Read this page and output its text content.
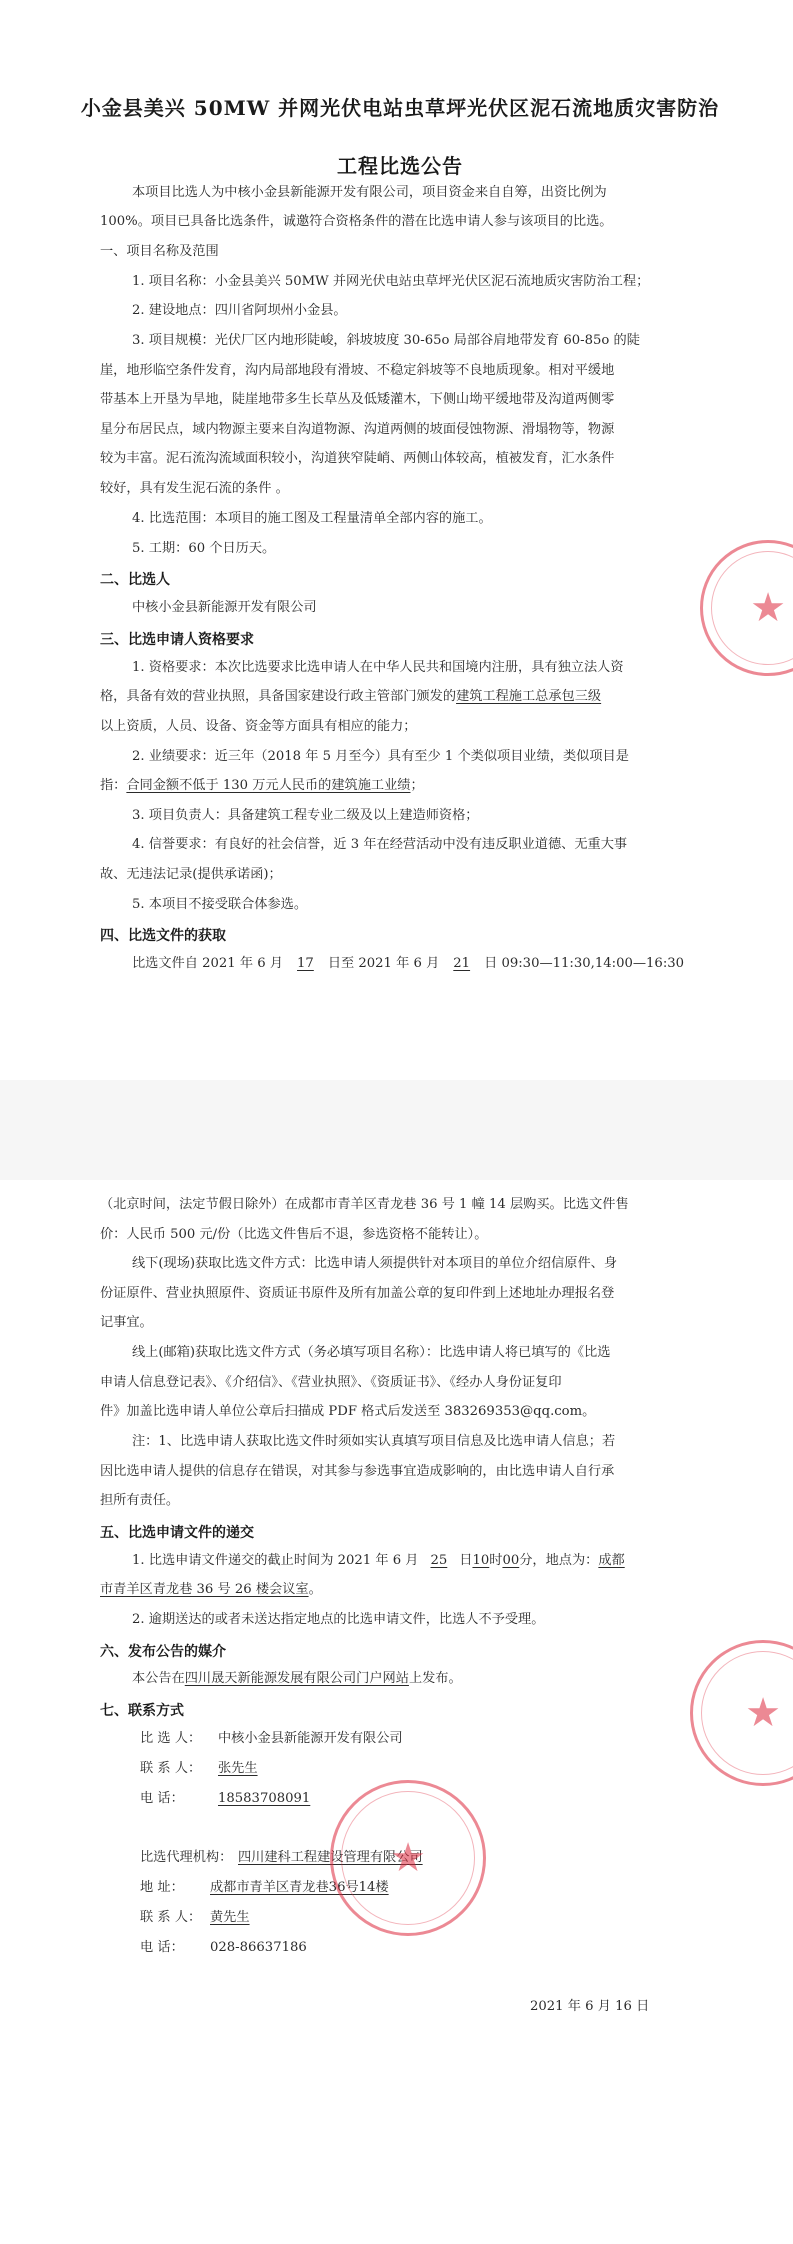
小金县美兴 50MW 并网光伏电站虫草坪光伏区泥石流地质灾害防治
工程比选公告
本项目比选人为中核小金县新能源开发有限公司，项目资金来自自筹，出资比例为
100%。项目已具备比选条件，诚邀符合资格条件的潜在比选申请人参与该项目的比选。
一、项目名称及范围
1. 项目名称：小金县美兴 50MW 并网光伏电站虫草坪光伏区泥石流地质灾害防治工程；
2. 建设地点：四川省阿坝州小金县。
3. 项目规模：光伏厂区内地形陡峻，斜坡坡度 30-65o 局部谷肩地带发育 60-85o 的陡
崖，地形临空条件发育，沟内局部地段有滑坡、不稳定斜坡等不良地质现象。相对平缓地
带基本上开垦为旱地，陡崖地带多生长草丛及低矮灌木，下侧山坳平缓地带及沟道两侧零
星分布居民点，域内物源主要来自沟道物源、沟道两侧的坡面侵蚀物源、滑塌物等，物源
较为丰富。泥石流沟流域面积较小，沟道狭窄陡峭、两侧山体较高，植被发育，汇水条件
较好，具有发生泥石流的条件 。
4. 比选范围：本项目的施工图及工程量清单全部内容的施工。
5. 工期：60 个日历天。
二、比选人
中核小金县新能源开发有限公司
三、比选申请人资格要求
1. 资格要求：本次比选要求比选申请人在中华人民共和国境内注册，具有独立法人资
格，具备有效的营业执照，具备国家建设行政主管部门颁发的建筑工程施工总承包三级
以上资质，人员、设备、资金等方面具有相应的能力；
2. 业绩要求：近三年（2018 年 5 月至今）具有至少 1 个类似项目业绩，类似项目是
指：合同金额不低于 130 万元人民币的建筑施工业绩；
3. 项目负责人：具备建筑工程专业二级及以上建造师资格；
4. 信誉要求：有良好的社会信誉，近 3 年在经营活动中没有违反职业道德、无重大事
故、无违法记录(提供承诺函)；
5. 本项目不接受联合体参选。
四、比选文件的获取
比选文件自 2021 年 6 月 17 日至 2021 年 6 月 21 日 09:30—11:30,14:00—16:30
★
（北京时间，法定节假日除外）在成都市青羊区青龙巷 36 号 1 幢 14 层购买。比选文件售
价：人民币 500 元/份（比选文件售后不退，参选资格不能转让）。
线下(现场)获取比选文件方式：比选申请人须提供针对本项目的单位介绍信原件、身
份证原件、营业执照原件、资质证书原件及所有加盖公章的复印件到上述地址办理报名登
记事宜。
线上(邮箱)获取比选文件方式（务必填写项目名称）：比选申请人将已填写的《比选
申请人信息登记表》、《介绍信》、《营业执照》、《资质证书》、《经办人身份证复印
件》加盖比选申请人单位公章后扫描成 PDF 格式后发送至 383269353@qq.com。
注：1、比选申请人获取比选文件时须如实认真填写项目信息及比选申请人信息；若
因比选申请人提供的信息存在错误，对其参与参选事宜造成影响的，由比选申请人自行承
担所有责任。
五、比选申请文件的递交
1. 比选申请文件递交的截止时间为 2021 年 6 月 25 日10时00分，地点为：成都
市青羊区青龙巷 36 号 26 楼会议室。
2. 逾期送达的或者未送达指定地点的比选申请文件，比选人不予受理。
六、发布公告的媒介
本公告在四川晟天新能源发展有限公司门户网站上发布。
七、联系方式
比 选 人： 中核小金县新能源开发有限公司
联 系 人： 张先生
电 话：	18583708091
比选代理机构： 四川建科工程建设管理有限公司
地 址： 成都市青羊区青龙巷36号14楼
联 系 人： 黄先生
电 话： 028-86637186
2021 年 6 月 16 日
★
★
